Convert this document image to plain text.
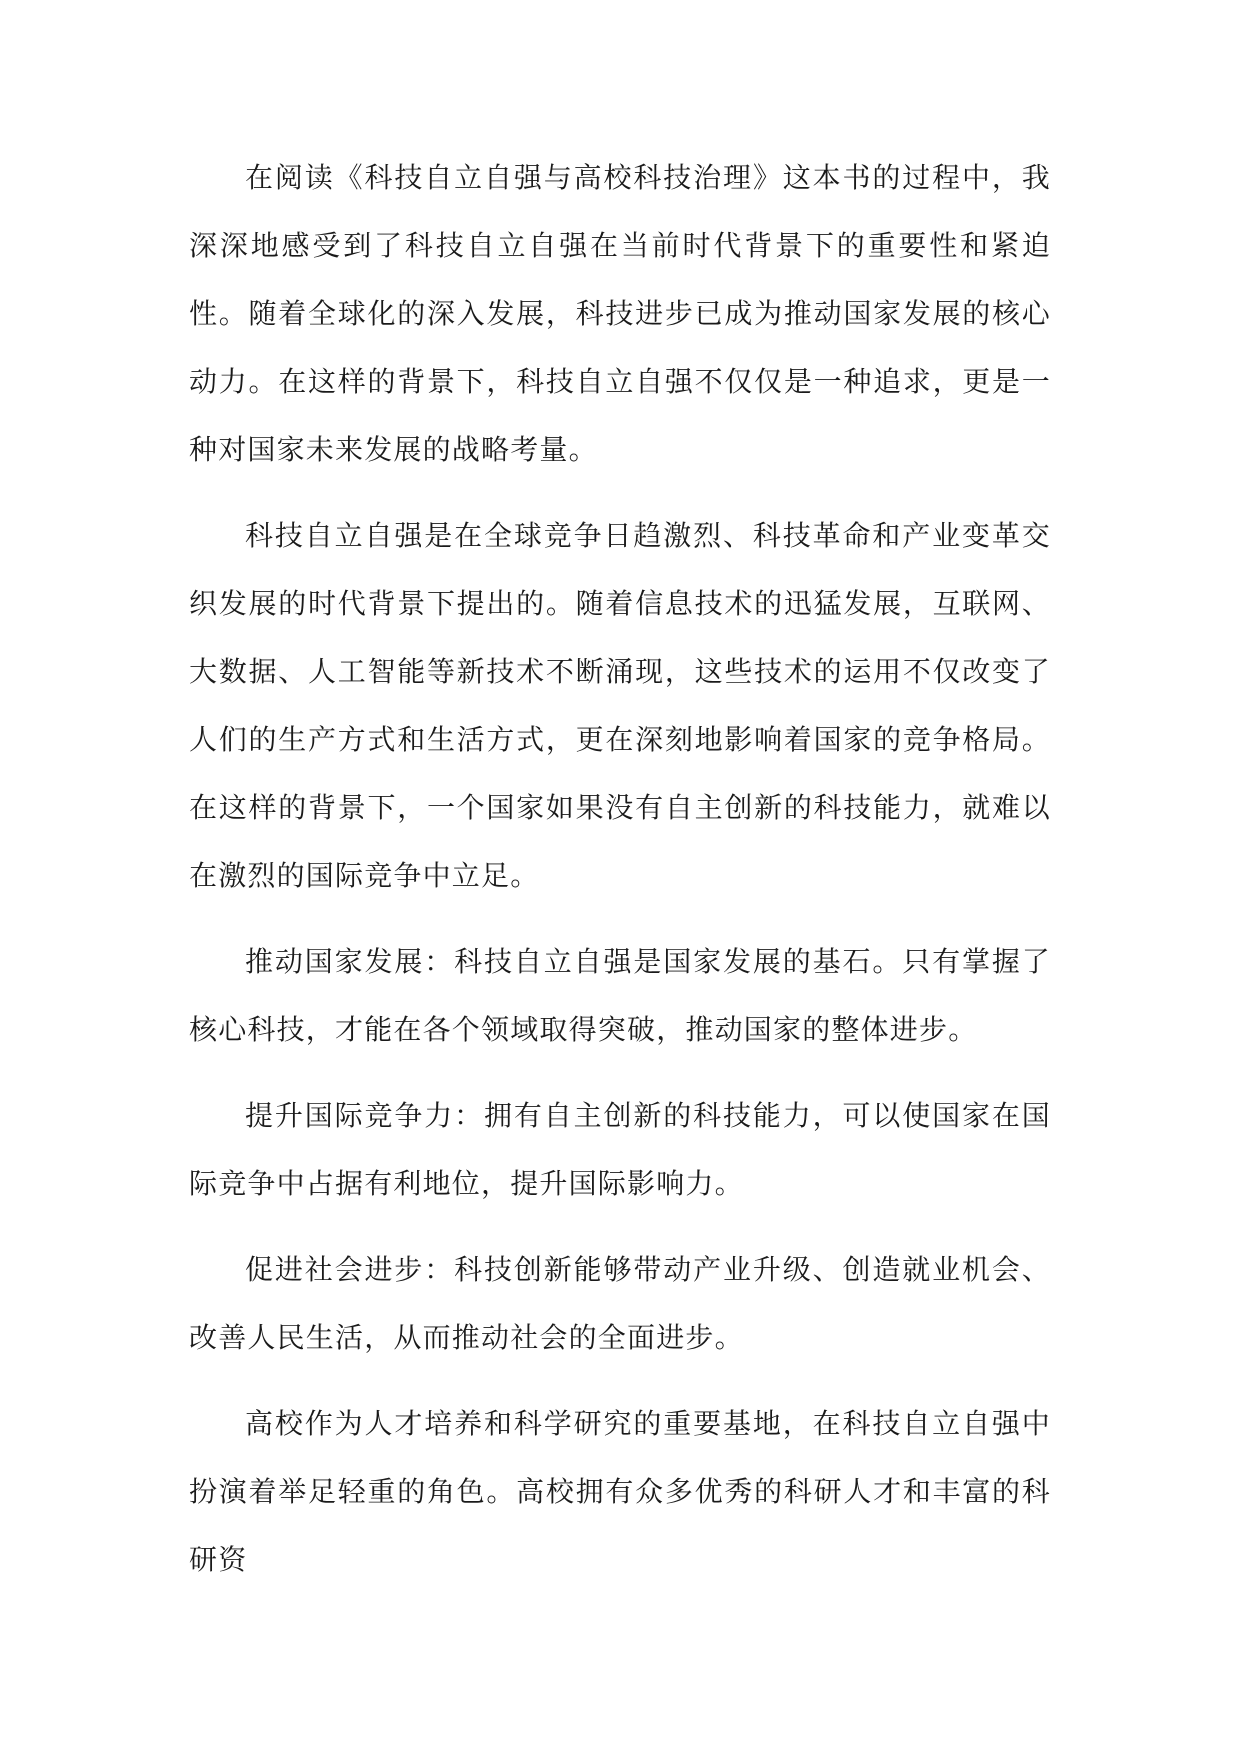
在阅读《科技自立自强与高校科技治理》这本书的过程中，我深深地感受到了科技自立自强在当前时代背景下的重要性和紧迫性。随着全球化的深入发展，科技进步已成为推动国家发展的核心动力。在这样的背景下，科技自立自强不仅仅是一种追求，更是一种对国家未来发展的战略考量。

科技自立自强是在全球竞争日趋激烈、科技革命和产业变革交织发展的时代背景下提出的。随着信息技术的迅猛发展，互联网、大数据、人工智能等新技术不断涌现，这些技术的运用不仅改变了人们的生产方式和生活方式，更在深刻地影响着国家的竞争格局。在这样的背景下，一个国家如果没有自主创新的科技能力，就难以在激烈的国际竞争中立足。

推动国家发展：科技自立自强是国家发展的基石。只有掌握了核心科技，才能在各个领域取得突破，推动国家的整体进步。

提升国际竞争力：拥有自主创新的科技能力，可以使国家在国际竞争中占据有利地位，提升国际影响力。

促进社会进步：科技创新能够带动产业升级、创造就业机会、改善人民生活，从而推动社会的全面进步。

高校作为人才培养和科学研究的重要基地，在科技自立自强中扮演着举足轻重的角色。高校拥有众多优秀的科研人才和丰富的科研资
